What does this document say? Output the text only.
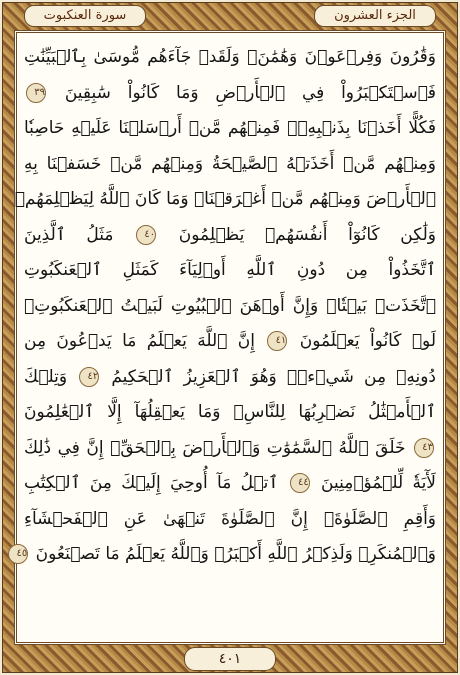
سورة العنكبوت	الجزء العشرون
وَقَٰرُونَ وَفِرۡعَوۡنَ وَهَٰمَٰنَۖ وَلَقَدۡ جَآءَهُم مُّوسَىٰ بِٱلۡبَيِّنَٰتِ
فَٱسۡتَكۡبَرُواْ فِي ٱلۡأَرۡضِ وَمَا كَانُواْ سَٰبِقِينَ ٣٩
فَكُلًّا أَخَذۡنَا بِذَنۢبِهِۦۖ فَمِنۡهُم مَّنۡ أَرۡسَلۡنَا عَلَيۡهِ حَاصِبٗا
وَمِنۡهُم مَّنۡ أَخَذَتۡهُ ٱلصَّيۡحَةُ وَمِنۡهُم مَّنۡ خَسَفۡنَا بِهِ
ٱلۡأَرۡضَ وَمِنۡهُم مَّنۡ أَغۡرَقۡنَاۚ وَمَا كَانَ ٱللَّهُ لِيَظۡلِمَهُمۡ
وَلَٰكِن كَانُوٓاْ أَنفُسَهُمۡ يَظۡلِمُونَ ٤٠ مَثَلُ ٱلَّذِينَ
ٱتَّخَذُواْ مِن دُونِ ٱللَّهِ أَوۡلِيَآءَ كَمَثَلِ ٱلۡعَنكَبُوتِ
ٱتَّخَذَتۡ بَيۡتٗاۖ وَإِنَّ أَوۡهَنَ ٱلۡبُيُوتِ لَبَيۡتُ ٱلۡعَنكَبُوتِۚ
لَوۡ كَانُواْ يَعۡلَمُونَ ٤١ إِنَّ ٱللَّهَ يَعۡلَمُ مَا يَدۡعُونَ مِن
دُونِهِۦ مِن شَيۡءٖۚ وَهُوَ ٱلۡعَزِيزُ ٱلۡحَكِيمُ ٤٢ وَتِلۡكَ
ٱلۡأَمۡثَٰلُ نَضۡرِبُهَا لِلنَّاسِۖ وَمَا يَعۡقِلُهَآ إِلَّا ٱلۡعَٰلِمُونَ
٤٣ خَلَقَ ٱللَّهُ ٱلسَّمَٰوَٰتِ وَٱلۡأَرۡضَ بِٱلۡحَقِّۚ إِنَّ فِي ذَٰلِكَ
لَأٓيَةٗ لِّلۡمُؤۡمِنِينَ ٤٤ ٱتۡلُ مَآ أُوحِيَ إِلَيۡكَ مِنَ ٱلۡكِتَٰبِ
وَأَقِمِ ٱلصَّلَوٰةَۖ إِنَّ ٱلصَّلَوٰةَ تَنۡهَىٰ عَنِ ٱلۡفَحۡشَآءِ
وَٱلۡمُنكَرِۗ وَلَذِكۡرُ ٱللَّهِ أَكۡبَرُۗ وَٱللَّهُ يَعۡلَمُ مَا تَصۡنَعُونَ ٤٥
٤٠١
